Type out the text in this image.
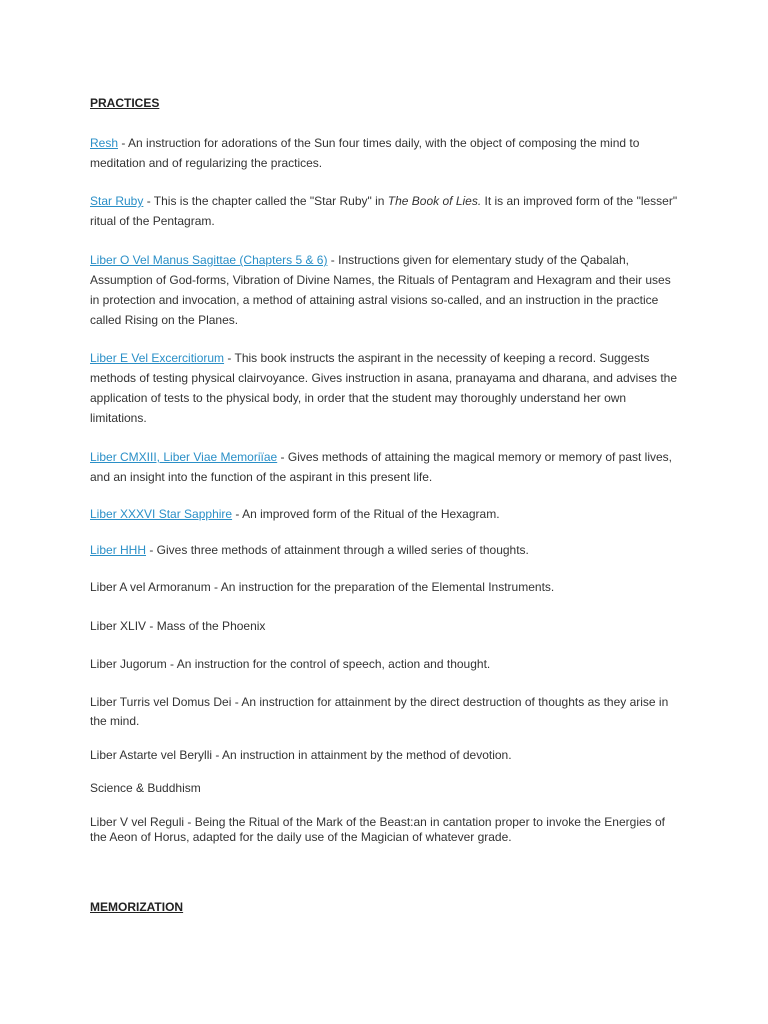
PRACTICES

Resh - An instruction for adorations of the Sun four times daily, with the object of composing the mind to meditation and of regularizing the practices.

Star Ruby - This is the chapter called the "Star Ruby" in The Book of Lies. It is an improved form of the "lesser" ritual of the Pentagram.

Liber O Vel Manus Sagittae (Chapters 5 & 6) - Instructions given for elementary study of the Qabalah, Assumption of God-forms, Vibration of Divine Names, the Rituals of Pentagram and Hexagram and their uses in protection and invocation, a method of attaining astral visions so-called, and an instruction in the practice called Rising on the Planes.

Liber E Vel Excercitiorum - This book instructs the aspirant in the necessity of keeping a record. Suggests methods of testing physical clairvoyance. Gives instruction in asana, pranayama and dharana, and advises the application of tests to the physical body, in order that the student may thoroughly understand her own limitations.

Liber CMXIII, Liber Viae Memoriïae - Gives methods of attaining the magical memory or memory of past lives, and an insight into the function of the aspirant in this present life.

Liber XXXVI Star Sapphire - An improved form of the Ritual of the Hexagram.

Liber HHH - Gives three methods of attainment through a willed series of thoughts.

Liber A vel Armoranum - An instruction for the preparation of the Elemental Instruments.

Liber XLIV - Mass of the Phoenix

Liber Jugorum - An instruction for the control of speech, action and thought.

Liber Turris vel Domus Dei - An instruction for attainment by the direct destruction of thoughts as they arise in the mind.

Liber Astarte vel Berylli - An instruction in attainment by the method of devotion.

Science & Buddhism

Liber V vel Reguli - Being the Ritual of the Mark of the Beast:an in cantation proper to invoke the Energies of the Aeon of Horus, adapted for the daily use of the Magician of whatever grade.

MEMORIZATION
